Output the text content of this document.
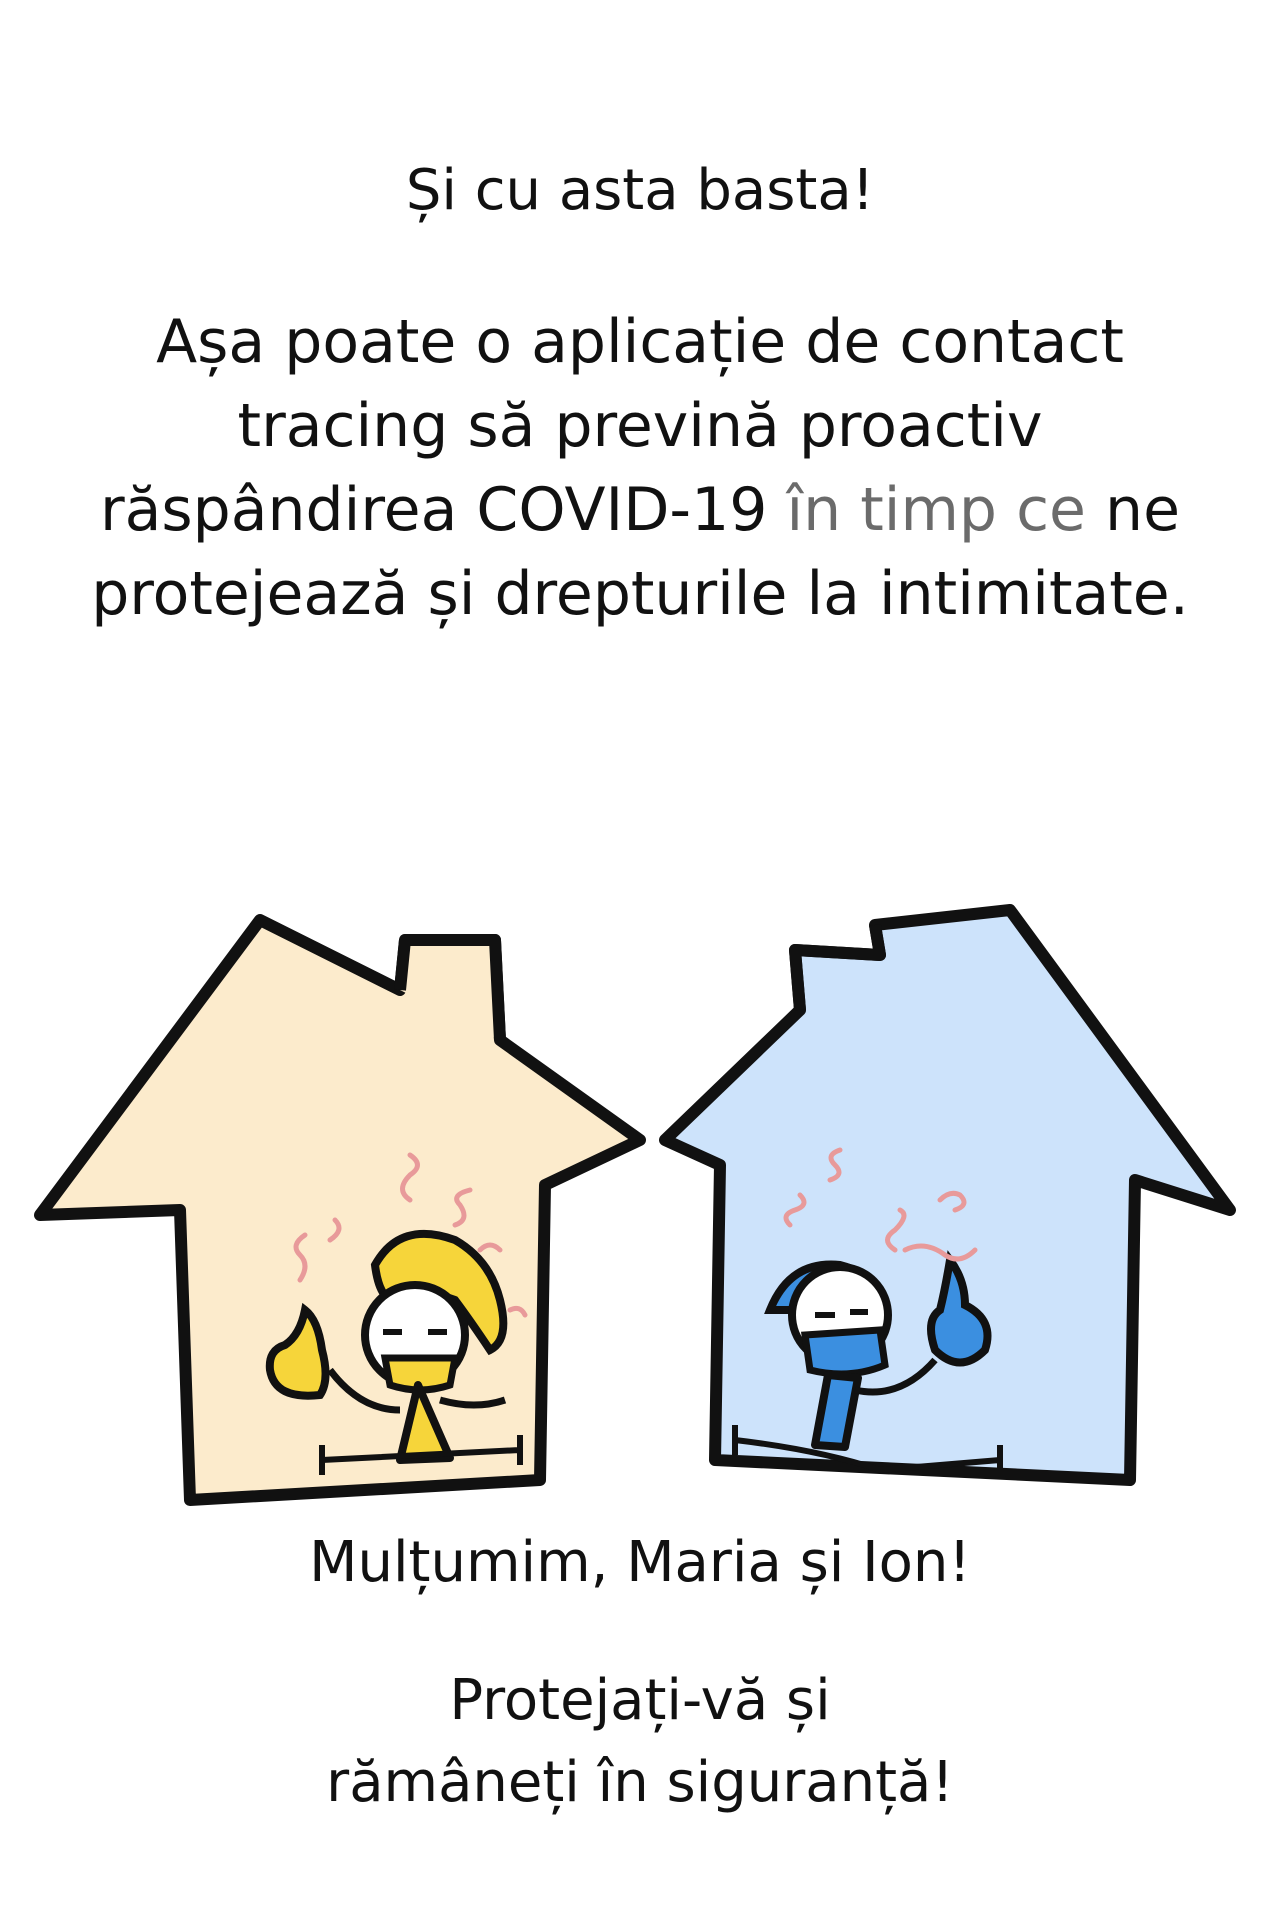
Și cu asta basta!

Așa poate o aplicație de contact tracing să prevină proactiv răspândirea COVID-19 în timp ce ne protejează și drepturile la intimitate.

Mulțumim, Maria și Ion!

Protejați-vă și
rămâneți în siguranță!
